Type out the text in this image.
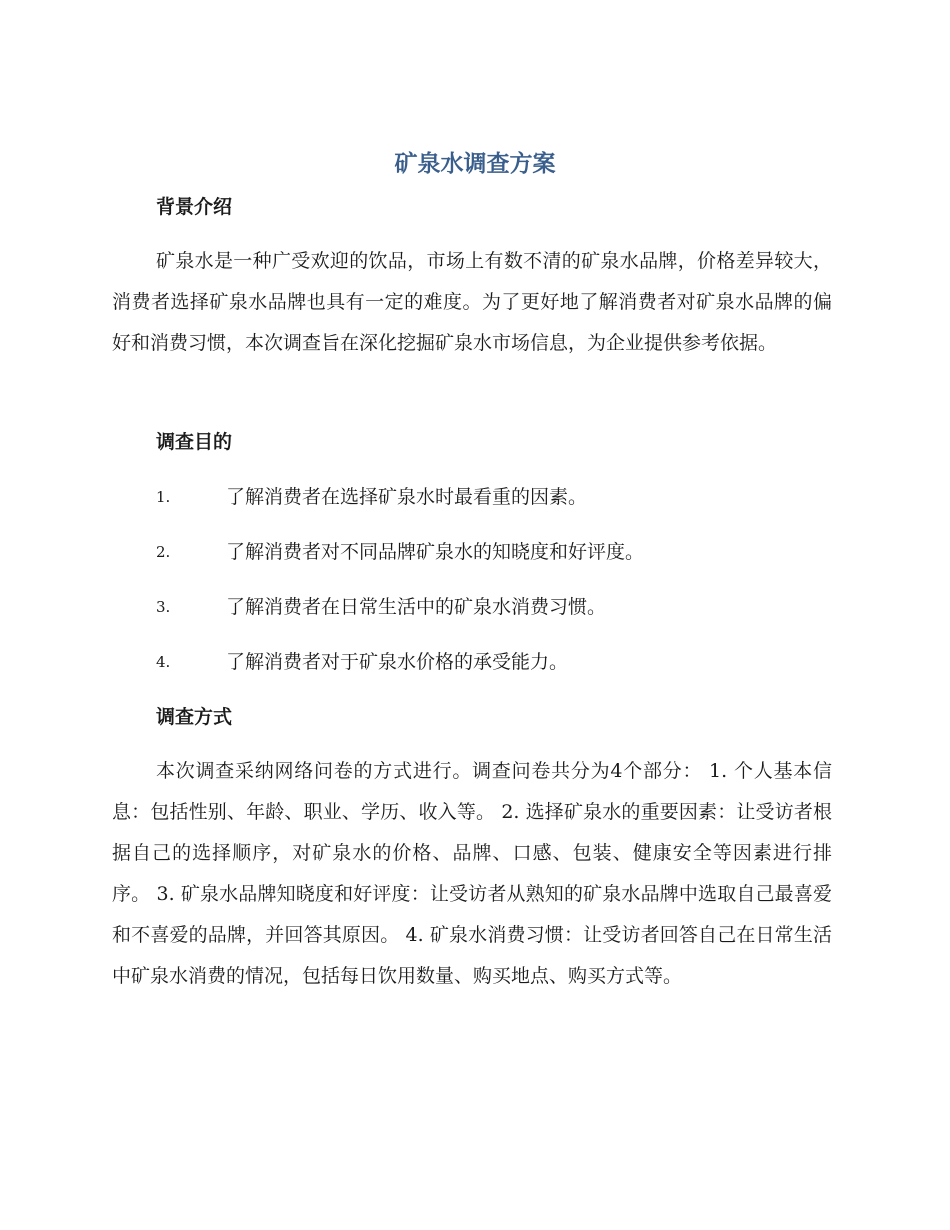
矿泉水调查方案
背景介绍

矿泉水是一种广受欢迎的饮品，市场上有数不清的矿泉水品牌，价格差异较大，消费者选择矿泉水品牌也具有一定的难度。为了更好地了解消费者对矿泉水品牌的偏好和消费习惯，本次调查旨在深化挖掘矿泉水市场信息，为企业提供参考依据。

调查目的
1.	了解消费者在选择矿泉水时最看重的因素。
2.	了解消费者对不同品牌矿泉水的知晓度和好评度。
3.	了解消费者在日常生活中的矿泉水消费习惯。
4.	了解消费者对于矿泉水价格的承受能力。
调查方式

本次调查采纳网络问卷的方式进行。调查问卷共分为4个部分： 1. 个人基本信息：包括性别、年龄、职业、学历、收入等。 2. 选择矿泉水的重要因素：让受访者根据自己的选择顺序，对矿泉水的价格、品牌、口感、包装、健康安全等因素进行排序。 3. 矿泉水品牌知晓度和好评度：让受访者从熟知的矿泉水品牌中选取自己最喜爱和不喜爱的品牌，并回答其原因。 4. 矿泉水消费习惯：让受访者回答自己在日常生活中矿泉水消费的情况，包括每日饮用数量、购买地点、购买方式等。
